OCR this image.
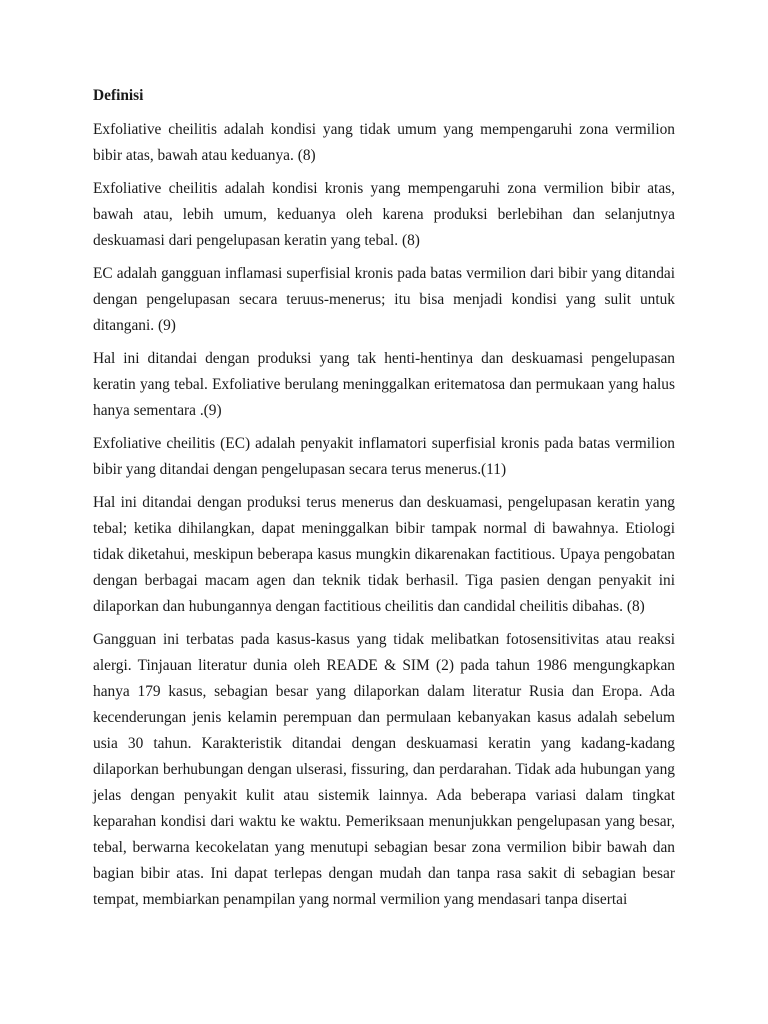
Definisi

Exfoliative cheilitis adalah kondisi yang tidak umum yang mempengaruhi zona vermilion bibir atas, bawah atau keduanya. (8)

Exfoliative cheilitis adalah kondisi kronis yang mempengaruhi zona vermilion bibir atas, bawah atau, lebih umum, keduanya oleh karena produksi berlebihan dan selanjutnya deskuamasi dari pengelupasan keratin yang tebal. (8)

EC adalah gangguan inflamasi superfisial kronis pada batas vermilion dari bibir yang ditandai dengan pengelupasan secara teruus-menerus; itu bisa menjadi kondisi yang sulit untuk ditangani. (9)

Hal ini ditandai dengan produksi yang tak henti-hentinya dan deskuamasi pengelupasan keratin yang tebal. Exfoliative berulang meninggalkan eritematosa dan permukaan yang halus hanya sementara .(9)

Exfoliative cheilitis (EC) adalah penyakit inflamatori superfisial kronis pada batas vermilion bibir yang ditandai dengan pengelupasan secara terus menerus.(11)

Hal ini ditandai dengan produksi terus menerus dan deskuamasi, pengelupasan keratin yang tebal; ketika dihilangkan, dapat meninggalkan bibir tampak normal di bawahnya. Etiologi tidak diketahui, meskipun beberapa kasus mungkin dikarenakan factitious. Upaya pengobatan dengan berbagai macam agen dan teknik tidak berhasil. Tiga pasien dengan penyakit ini dilaporkan dan hubungannya dengan factitious cheilitis dan candidal cheilitis dibahas. (8)

Gangguan ini terbatas pada kasus-kasus yang tidak melibatkan fotosensitivitas atau reaksi alergi. Tinjauan literatur dunia oleh READE & SIM (2) pada tahun 1986 mengungkapkan hanya 179 kasus, sebagian besar yang dilaporkan dalam literatur Rusia dan Eropa. Ada kecenderungan jenis kelamin perempuan dan permulaan kebanyakan kasus adalah sebelum usia 30 tahun. Karakteristik ditandai dengan deskuamasi keratin yang kadang-kadang dilaporkan berhubungan dengan ulserasi, fissuring, dan perdarahan. Tidak ada hubungan yang jelas dengan penyakit kulit atau sistemik lainnya. Ada beberapa variasi dalam tingkat keparahan kondisi dari waktu ke waktu. Pemeriksaan menunjukkan pengelupasan yang besar, tebal, berwarna kecokelatan yang menutupi sebagian besar zona vermilion bibir bawah dan bagian bibir atas. Ini dapat terlepas dengan mudah dan tanpa rasa sakit di sebagian besar tempat, membiarkan penampilan yang normal vermilion yang mendasari tanpa disertai
